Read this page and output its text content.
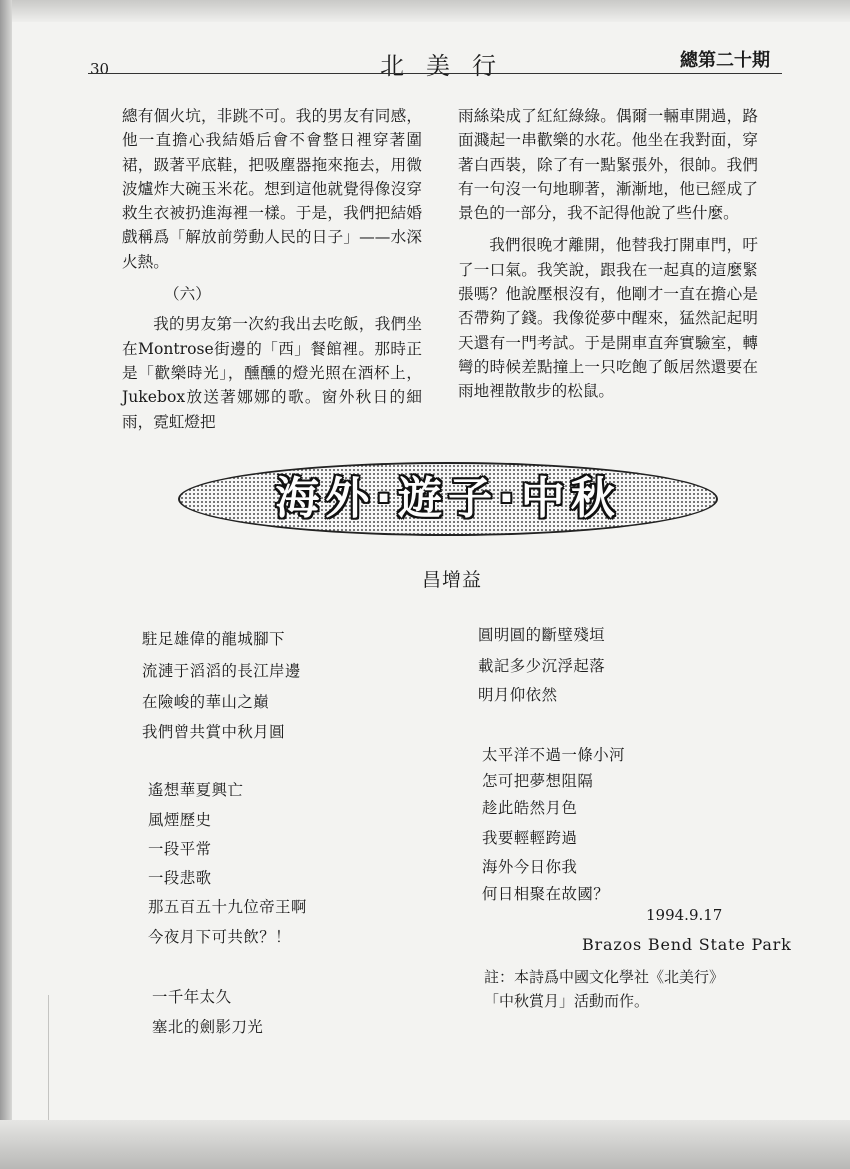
30	北美行	總第二十期

總有個火坑，非跳不可。我的男友有同感，他一直擔心我結婚后會不會整日裡穿著圍裙，趿著平底鞋，把吸塵器拖來拖去，用微波爐炸大碗玉米花。想到這他就覺得像沒穿救生衣被扔進海裡一樣。于是，我們把結婚戲稱爲「解放前勞動人民的日子」——水深火熱。

（六）

我的男友第一次約我出去吃飯，我們坐在Montrose街邊的「西」餐館裡。那時正是「歡樂時光」，醺醺的燈光照在酒杯上，Jukebox放送著娜娜的歌。窗外秋日的細雨，霓虹燈把

雨絲染成了紅紅綠綠。偶爾一輛車開過，路面濺起一串歡樂的水花。他坐在我對面，穿著白西裝，除了有一點緊張外，很帥。我們有一句沒一句地聊著，漸漸地，他已經成了景色的一部分，我不記得他說了些什麼。

我們很晚才離開，他替我打開車門，吁了一口氣。我笑說，跟我在一起真的這麼緊張嗎？他說壓根沒有，他剛才一直在擔心是否帶夠了錢。我像從夢中醒來，猛然記起明天還有一門考試。于是開車直奔實驗室，轉彎的時候差點撞上一只吃飽了飯居然還要在雨地裡散散步的松鼠。

海外·遊子·中秋
昌增益
駐足雄偉的龍城腳下
流漣于滔滔的長江岸邊
在險峻的華山之巔
我們曾共賞中秋月圓
遙想華夏興亡
風煙歷史
一段平常
一段悲歌
那五百五十九位帝王啊
今夜月下可共飲？！
一千年太久
塞北的劍影刀光
圓明圓的斷壁殘垣
載記多少沉浮起落
明月仰依然
太平洋不過一條小河
怎可把夢想阻隔
趁此皓然月色
我要輕輕跨過
海外今日你我
何日相聚在故國？
1994.9.17
Brazos Bend State Park
註：本詩爲中國文化學社《北美行》
「中秋賞月」活動而作。
